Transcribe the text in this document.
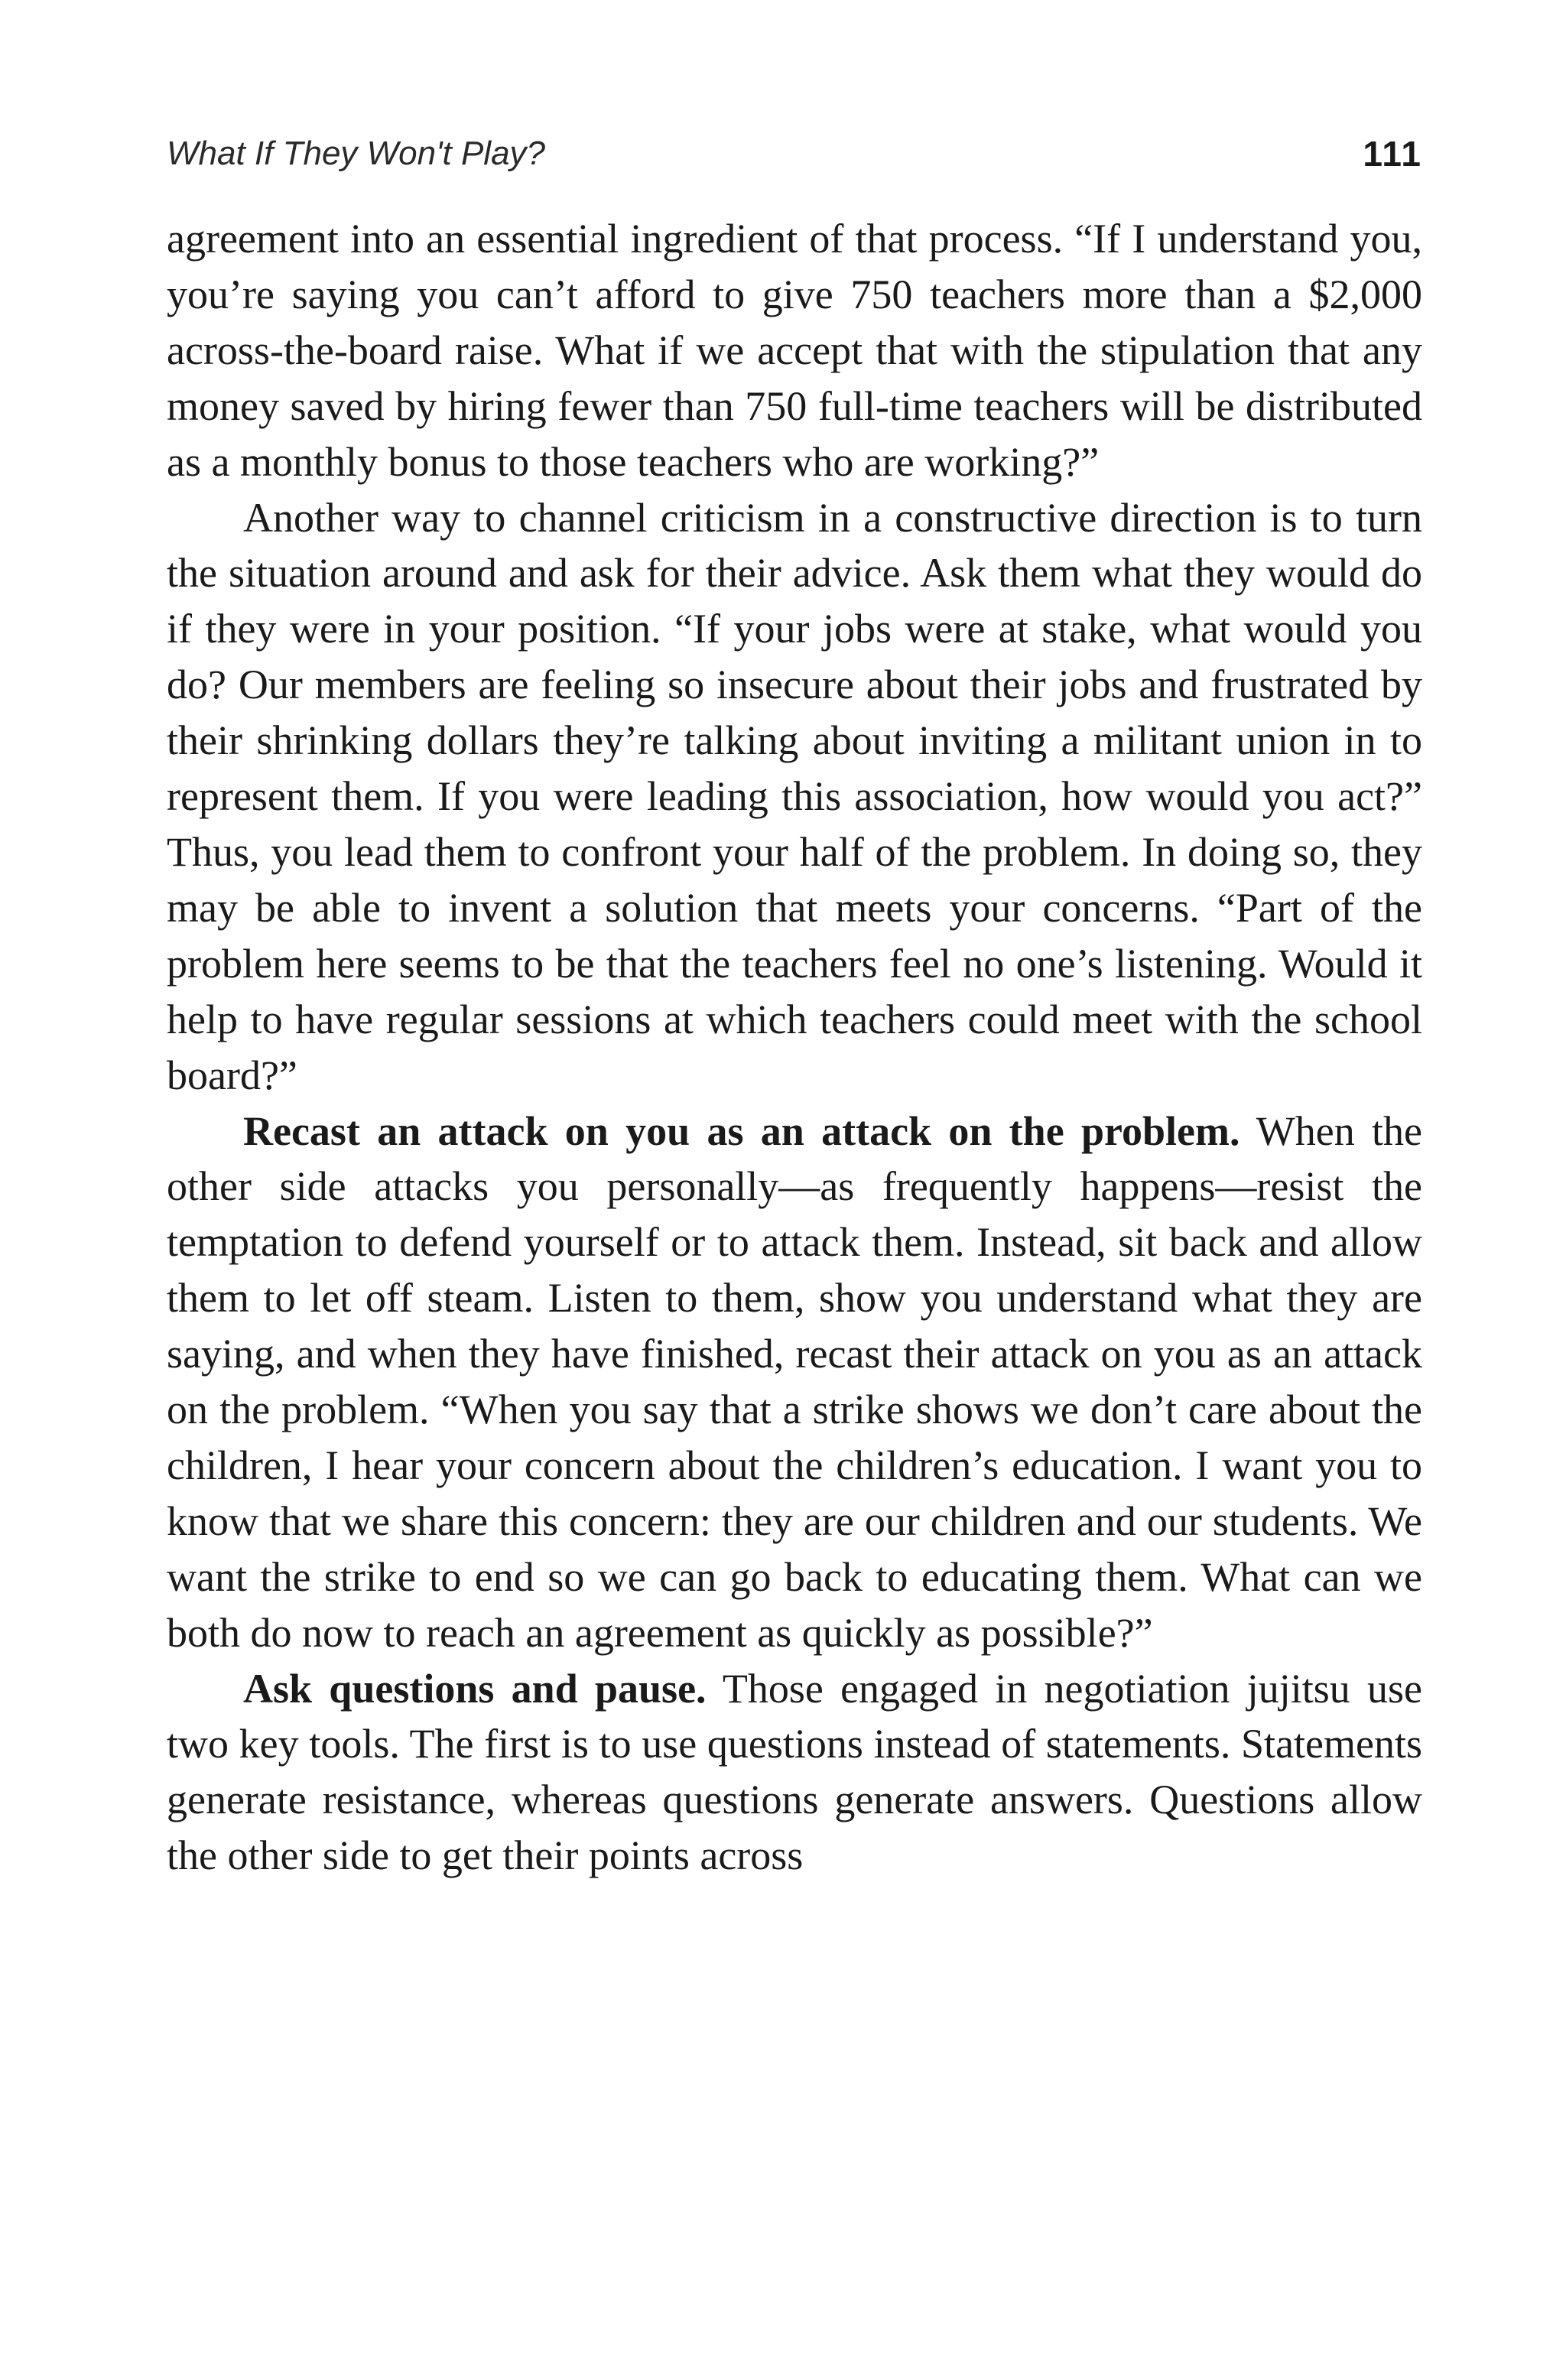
What If They Won't Play?	111

agreement into an essential ingredient of that process. “If I understand you, you’re saying you can’t afford to give 750 teachers more than a $2,000 across-the-board raise. What if we accept that with the stipulation that any money saved by hiring fewer than 750 full-time teachers will be distributed as a monthly bonus to those teachers who are working?”

Another way to channel criticism in a constructive direction is to turn the situation around and ask for their advice. Ask them what they would do if they were in your position. “If your jobs were at stake, what would you do? Our members are feeling so insecure about their jobs and frustrated by their shrinking dollars they’re talking about inviting a militant union in to represent them. If you were leading this association, how would you act?” Thus, you lead them to confront your half of the problem. In doing so, they may be able to invent a solution that meets your concerns. “Part of the problem here seems to be that the teachers feel no one’s listening. Would it help to have regular sessions at which teachers could meet with the school board?”

Recast an attack on you as an attack on the problem. When the other side attacks you personally—as frequently happens—resist the temptation to defend yourself or to attack them. Instead, sit back and allow them to let off steam. Listen to them, show you understand what they are saying, and when they have finished, recast their attack on you as an attack on the problem. “When you say that a strike shows we don’t care about the children, I hear your concern about the children’s education. I want you to know that we share this concern: they are our children and our students. We want the strike to end so we can go back to educating them. What can we both do now to reach an agreement as quickly as possible?”

Ask questions and pause. Those engaged in negotiation jujitsu use two key tools. The first is to use questions instead of statements. Statements generate resistance, whereas questions generate answers. Questions allow the other side to get their points across
